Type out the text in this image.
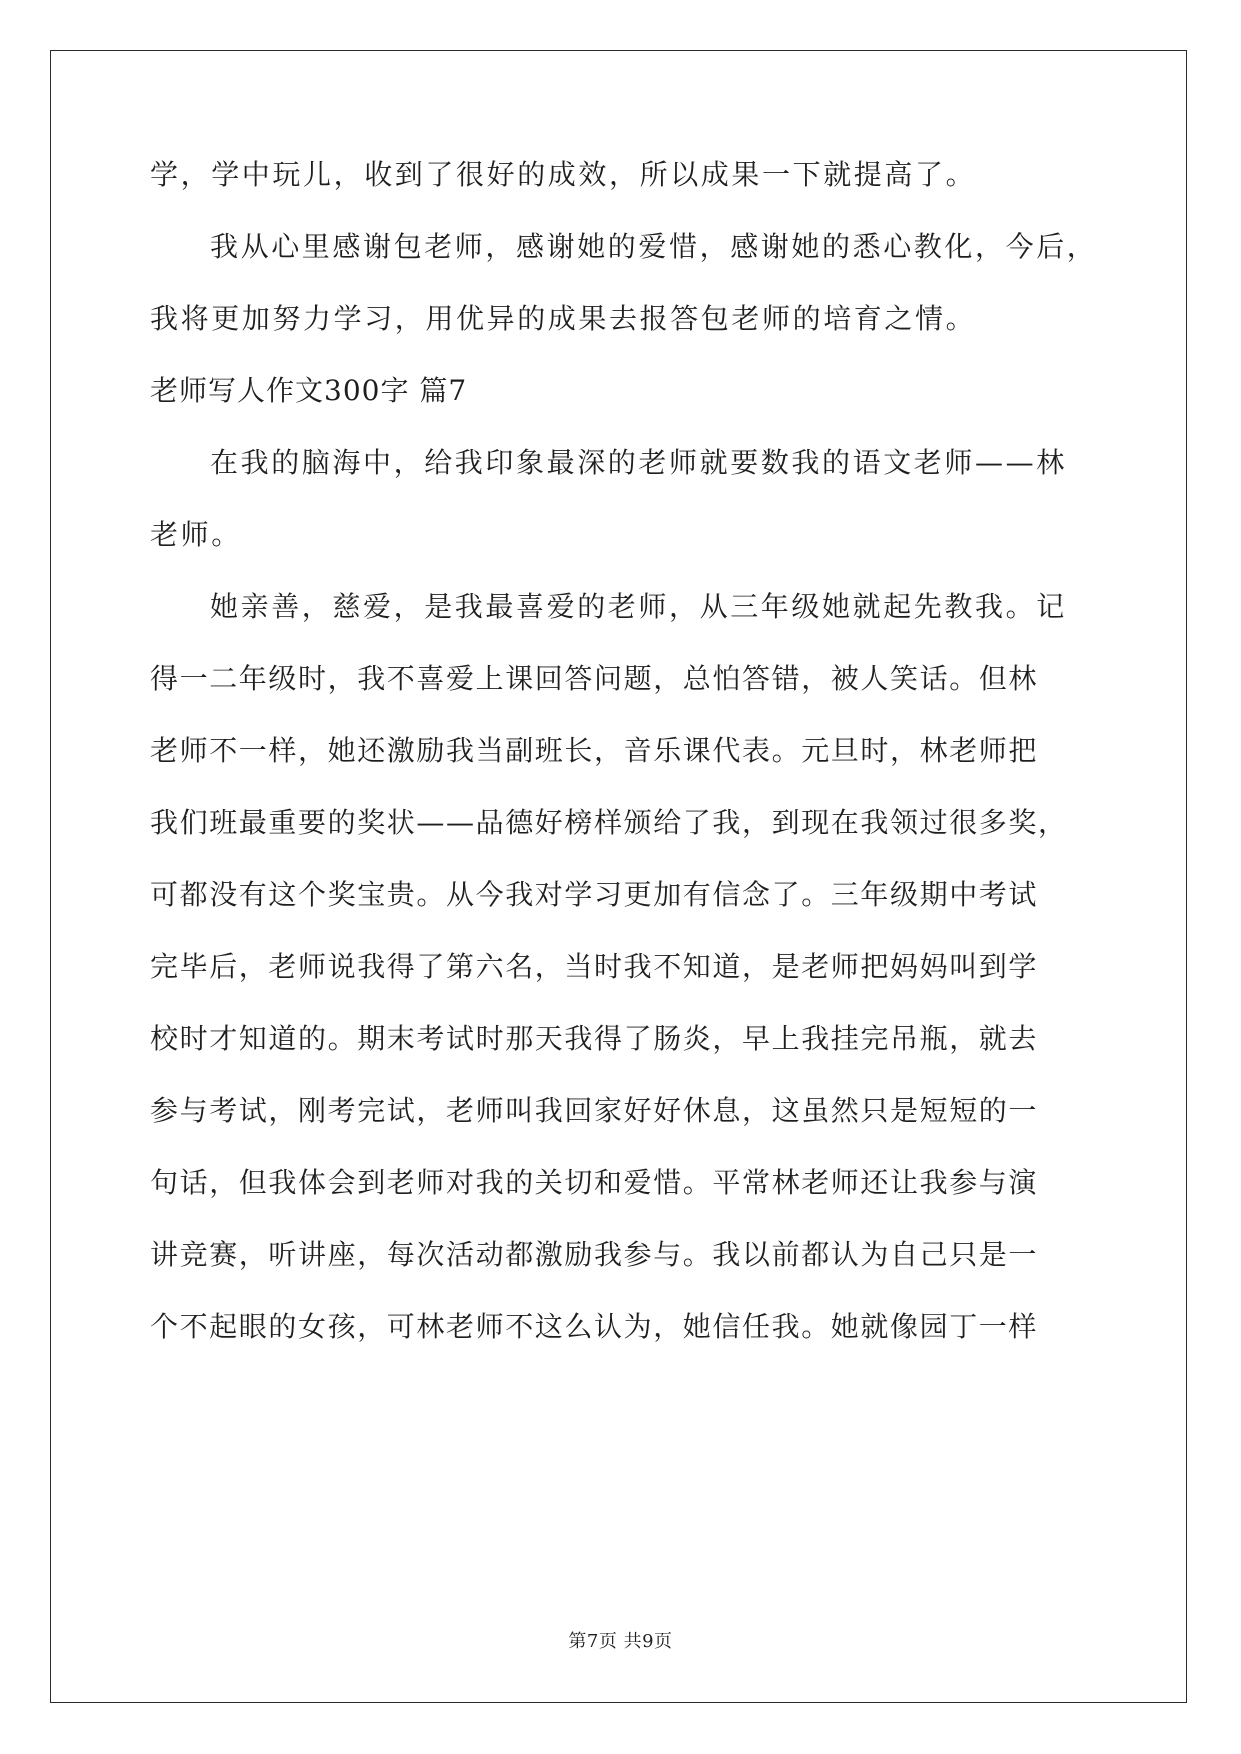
学，学中玩儿，收到了很好的成效，所以成果一下就提高了。
我从心里感谢包老师，感谢她的爱惜，感谢她的悉心教化，今后，
我将更加努力学习，用优异的成果去报答包老师的培育之情。
老师写人作文300字 篇7
在我的脑海中，给我印象最深的老师就要数我的语文老师——林
老师。
她亲善，慈爱，是我最喜爱的老师，从三年级她就起先教我。记
得一二年级时，我不喜爱上课回答问题，总怕答错，被人笑话。但林
老师不一样，她还激励我当副班长，音乐课代表。元旦时，林老师把
我们班最重要的奖状——品德好榜样颁给了我，到现在我领过很多奖，
可都没有这个奖宝贵。从今我对学习更加有信念了。三年级期中考试
完毕后，老师说我得了第六名，当时我不知道，是老师把妈妈叫到学
校时才知道的。期末考试时那天我得了肠炎，早上我挂完吊瓶，就去
参与考试，刚考完试，老师叫我回家好好休息，这虽然只是短短的一
句话，但我体会到老师对我的关切和爱惜。平常林老师还让我参与演
讲竞赛，听讲座，每次活动都激励我参与。我以前都认为自己只是一
个不起眼的女孩，可林老师不这么认为，她信任我。她就像园丁一样
第7页 共9页
